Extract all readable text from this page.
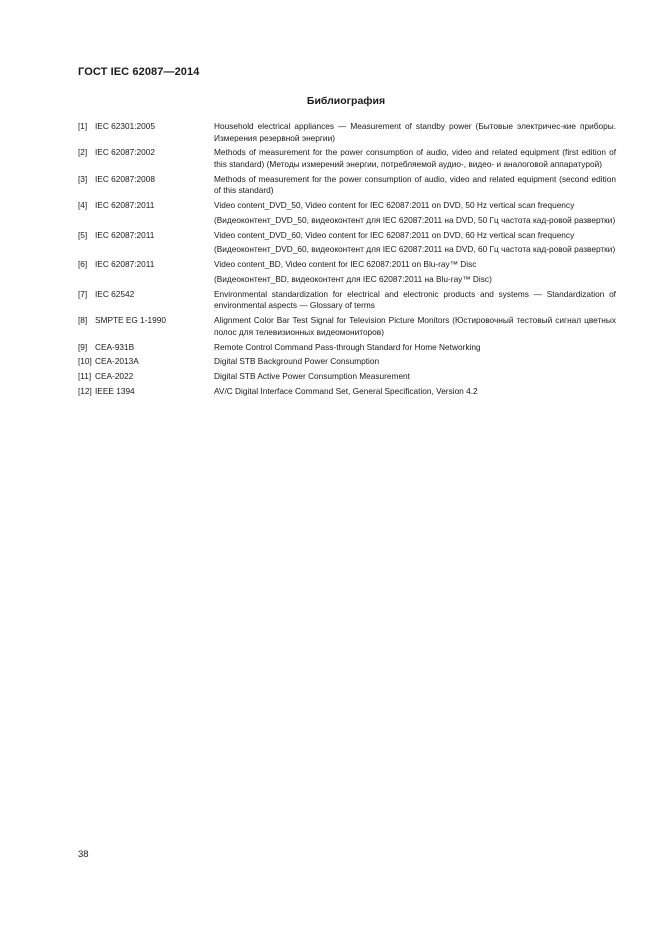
ГОСТ IEC 62087—2014
Библиография
[1] IEC 62301:2005	Household electrical appliances — Measurement of standby power (Бытовые электричес-кие приборы. Измерения резервной энергии)

[2] IEC 62087:2002	Methods of measurement for the power consumption of audio, video and related equipment (first edition of this standard) (Методы измерений энергии, потребляемой аудио-, видео- и аналоговой аппаратурой)

[3] IEC 62087:2008	Methods of measurement for the power consumption of audio, video and related equipment (second edition of this standard)

[4] IEC 62087:2011	Video content_DVD_50, Video content for IEC 62087:2011 on DVD, 50 Hz vertical scan frequency

(Видеоконтент_DVD_50, видеоконтент для IEC 62087:2011 на DVD, 50 Гц частота кад-ровой развертки)

[5] IEC 62087:2011	Video content_DVD_60, Video content for IEC 62087:2011 on DVD, 60 Hz vertical scan frequency

(Видеоконтент_DVD_60, видеоконтент для IEC 62087:2011 на DVD, 60 Гц частота кад-ровой развертки)

[6] IEC 62087:2011	Video content_BD, Video content for IEC 62087:2011 on Blu-ray™ Disc

(Видеоконтент_BD, видеоконтент для IEC 62087:2011 на Blu-ray™ Disc)

[7] IEC 62542	Environmental standardization for electrical and electronic products and systems — Standardization of environmental aspects — Glossary of terms

[8] SMPTE EG 1-1990	Alignment Color Bar Test Signal for Television Picture Monitors (Юстировочный тестовый сигнал цветных полос для телевизионных видеомониторов)

[9] CEA-931B	Remote Control Command Pass-through Standard for Home Networking

[10] CEA-2013A	Digital STB Background Power Consumption

[11] CEA-2022	Digital STB Active Power Consumption Measurement

[12] IEEE 1394	AV/C Digital Interface Command Set, General Specification, Version 4.2

38
